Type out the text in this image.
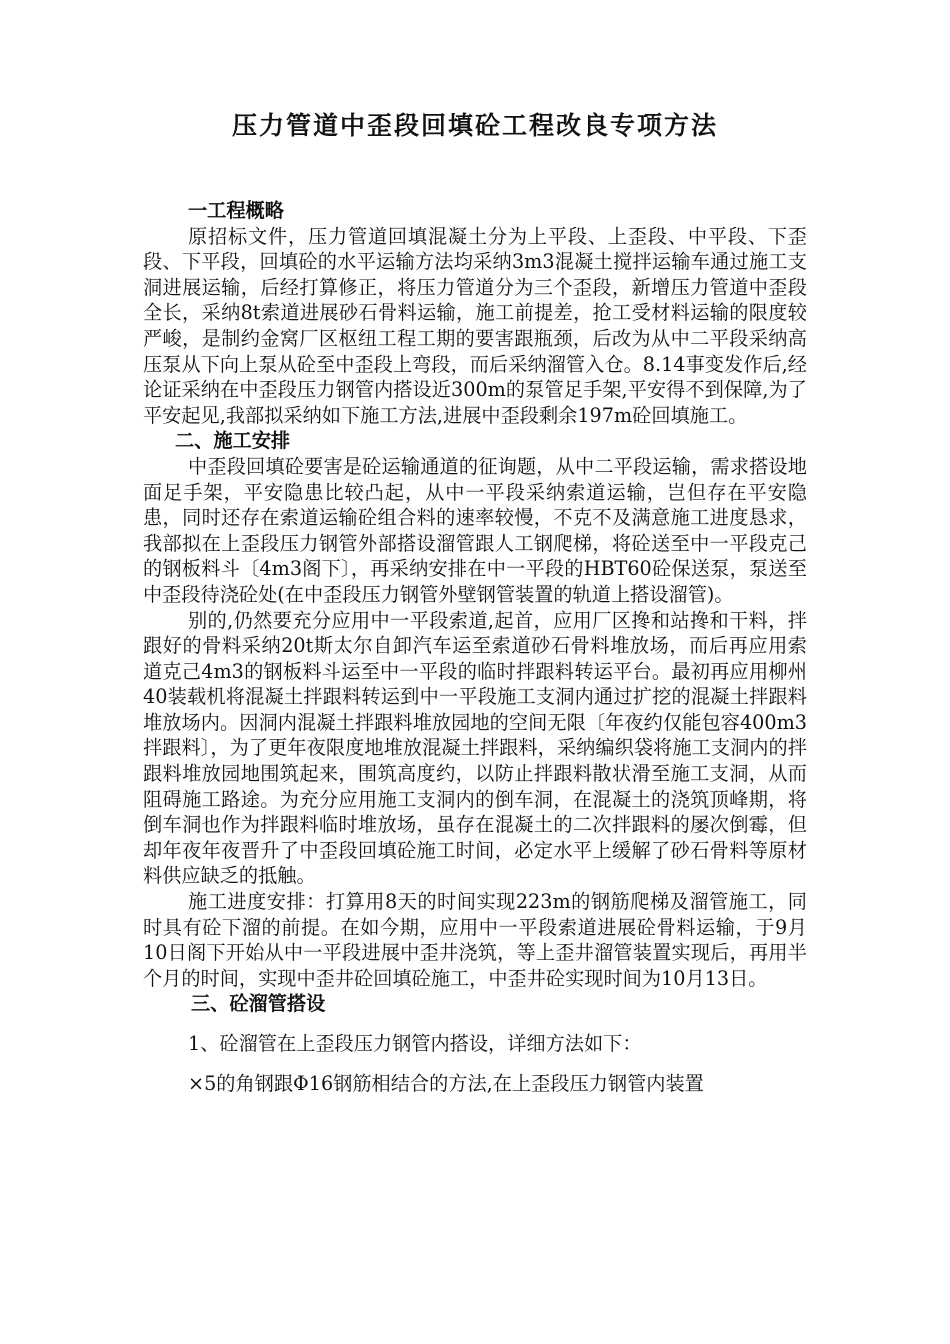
压力管道中歪段回填砼工程改良专项方法

一工程概略

原招标文件，压力管道回填混凝土分为上平段、上歪段、中平段、下歪段、下平段，回填砼的水平运输方法均采纳3m3混凝土搅拌运输车通过施工支洞进展运输，后经打算修正，将压力管道分为三个歪段，新增压力管道中歪段全长，采纳8t索道进展砂石骨料运输，施工前提差，抢工受材料运输的限度较严峻，是制约金窝厂区枢纽工程工期的要害跟瓶颈，后改为从中二平段采纳高压泵从下向上泵从砼至中歪段上弯段，而后采纳溜管入仓。8.14事变发作后,经论证采纳在中歪段压力钢管内搭设近300m的泵管足手架,平安得不到保障,为了平安起见,我部拟采纳如下施工方法,进展中歪段剩余197m砼回填施工。

二、施工安排

中歪段回填砼要害是砼运输通道的征询题，从中二平段运输，需求搭设地面足手架，平安隐患比较凸起，从中一平段采纳索道运输，岂但存在平安隐患，同时还存在索道运输砼组合料的速率较慢，不克不及满意施工进度恳求，我部拟在上歪段压力钢管外部搭设溜管跟人工钢爬梯，将砼送至中一平段克己的钢板料斗〔4m3阁下〕，再采纳安排在中一平段的HBT60砼保送泵，泵送至中歪段待浇砼处(在中歪段压力钢管外壁钢管装置的轨道上搭设溜管)。

别的,仍然要充分应用中一平段索道,起首，应用厂区搀和站搀和干料，拌跟好的骨料采纳20t斯太尔自卸汽车运至索道砂石骨料堆放场，而后再应用索道克己4m3的钢板料斗运至中一平段的临时拌跟料转运平台。最初再应用柳州40装载机将混凝土拌跟料转运到中一平段施工支洞内通过扩挖的混凝土拌跟料堆放场内。因洞内混凝土拌跟料堆放园地的空间无限〔年夜约仅能包容400m3拌跟料〕，为了更年夜限度地堆放混凝土拌跟料，采纳编织袋将施工支洞内的拌跟料堆放园地围筑起来，围筑高度约，以防止拌跟料散状滑至施工支洞，从而阻碍施工路途。为充分应用施工支洞内的倒车洞，在混凝土的浇筑顶峰期，将倒车洞也作为拌跟料临时堆放场，虽存在混凝土的二次拌跟料的屡次倒霉，但却年夜年夜晋升了中歪段回填砼施工时间，必定水平上缓解了砂石骨料等原材料供应缺乏的抵触。

施工进度安排：打算用8天的时间实现223m的钢筋爬梯及溜管施工，同时具有砼下溜的前提。在如今期，应用中一平段索道进展砼骨料运输，于9月10日阁下开始从中一平段进展中歪井浇筑，等上歪井溜管装置实现后，再用半个月的时间，实现中歪井砼回填砼施工，中歪井砼实现时间为10月13日。

三、砼溜管搭设

1、砼溜管在上歪段压力钢管内搭设，详细方法如下：

×5的角钢跟Φ16钢筋相结合的方法,在上歪段压力钢管内装置
